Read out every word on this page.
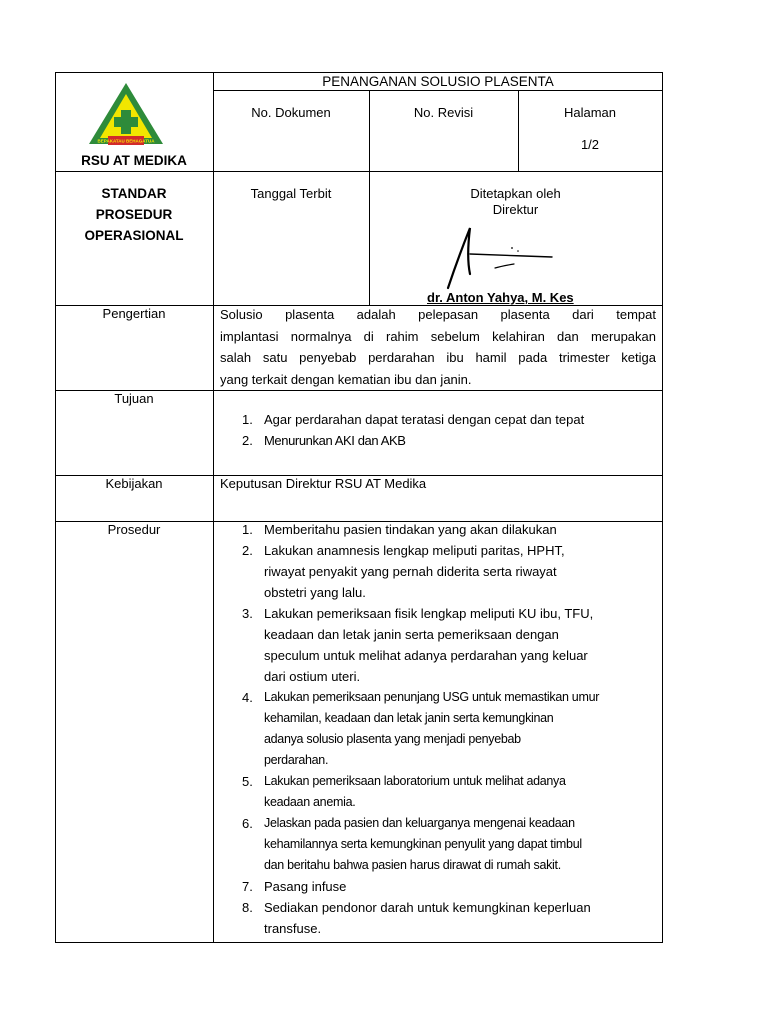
BEPAKATAU BEHAGATUA
PENANGANAN SOLUSIO PLASENTA
RSU AT MEDIKA
No. Dokumen	No. Revisi	Halaman
1/2
STANDAR
PROSEDUR
OPERASIONAL
Tanggal Terbit	Ditetapkan oleh
Direktur
dr. Anton Yahya, M. Kes
Pengertian	Solusio plasenta adalah pelepasan plasenta dari tempat
implantasi normalnya di rahim sebelum kelahiran dan merupakan
salah satu penyebab perdarahan ibu hamil pada trimester ketiga
yang terkait dengan kematian ibu dan janin.
Tujuan
1. Agar perdarahan dapat teratasi dengan cepat dan tepat
2. Menurunkan AKI dan AKB
Kebijakan	Keputusan Direktur RSU AT Medika
Prosedur	1. Memberitahu pasien tindakan yang akan dilakukan
2. Lakukan anamnesis lengkap meliputi paritas, HPHT,
riwayat penyakit yang pernah diderita serta riwayat
obstetri yang lalu.
3. Lakukan pemeriksaan fisik lengkap meliputi KU ibu, TFU,
keadaan dan letak janin serta pemeriksaan dengan
speculum untuk melihat adanya perdarahan yang keluar
dari ostium uteri.
4. Lakukan pemeriksaan penunjang USG untuk memastikan umur
kehamilan, keadaan dan letak janin serta kemungkinan
adanya solusio plasenta yang menjadi penyebab
perdarahan.
5. Lakukan pemeriksaan laboratorium untuk melihat adanya
keadaan anemia.
6. Jelaskan pada pasien dan keluarganya mengenai keadaan
kehamilannya serta kemungkinan penyulit yang dapat timbul
dan beritahu bahwa pasien harus dirawat di rumah sakit.
7. Pasang infuse
8. Sediakan pendonor darah untuk kemungkinan keperluan
transfuse.
